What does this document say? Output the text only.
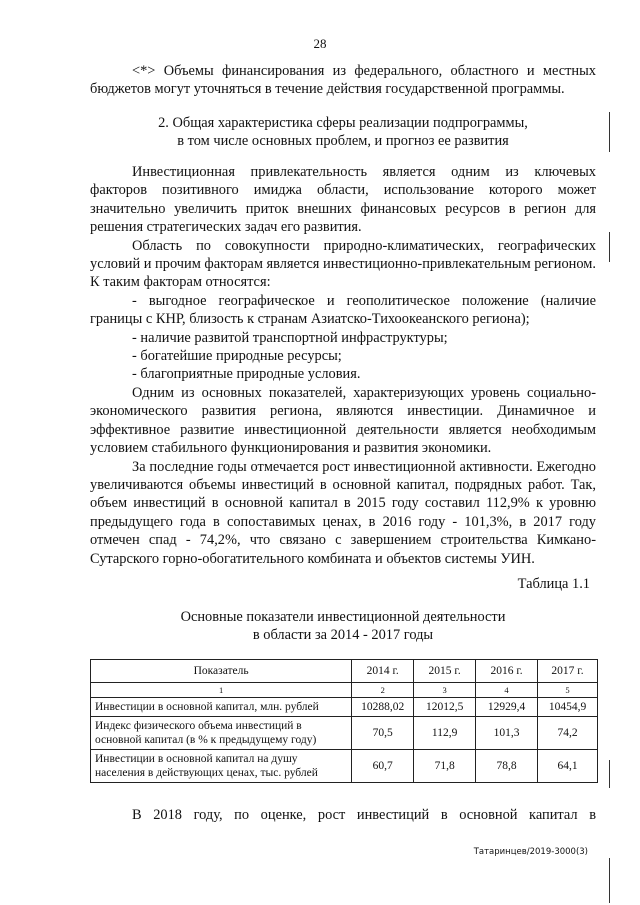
28

<*> Объемы финансирования из федерального, областного и местных бюджетов могут уточняться в течение действия государственной программы.

2. Общая характеристика сферы реализации подпрограммы,
в том числе основных проблем, и прогноз ее развития

Инвестиционная привлекательность является одним из ключевых факторов позитивного имиджа области, использование которого может значительно увеличить приток внешних финансовых ресурсов в регион для решения стратегических задач его развития.

Область по совокупности природно-климатических, географических условий и прочим факторам является инвестиционно-привлекательным регионом. К таким факторам относятся:

- выгодное географическое и геополитическое положение (наличие границы с КНР, близость к странам Азиатско-Тихоокеанского региона);

- наличие развитой транспортной инфраструктуры;

- богатейшие природные ресурсы;

- благоприятные природные условия.

Одним из основных показателей, характеризующих уровень социально-экономического развития региона, являются инвестиции. Динамичное и эффективное развитие инвестиционной деятельности является необходимым условием стабильного функционирования и развития экономики.

За последние годы отмечается рост инвестиционной активности. Ежегодно увеличиваются объемы инвестиций в основной капитал, подрядных работ. Так, объем инвестиций в основной капитал в 2015 году составил 112,9% к уровню предыдущего года в сопоставимых ценах, в 2016 году - 101,3%, в 2017 году отмечен спад - 74,2%, что связано с завершением строительства Кимкано-Сутарского горно-обогатительного комбината и объектов системы УИН.

Таблица 1.1
Основные показатели инвестиционной деятельности
в области за 2014 - 2017 годы
Показатель	2014 г.	2015 г.	2016 г.	2017 г.
1	2	3	4	5
Инвестиции в основной капитал, млн. рублей	10288,02	12012,5	12929,4	10454,9
Индекс физического объема инвестиций в основной капитал (в % к предыдущему году)	70,5	112,9	101,3	74,2
Инвестиции в основной капитал на душу населения в действующих ценах, тыс. рублей	60,7	71,8	78,8	64,1

В 2018 году, по оценке, рост инвестиций в основной капитал в

Татаринцев/2019-3000(3)
